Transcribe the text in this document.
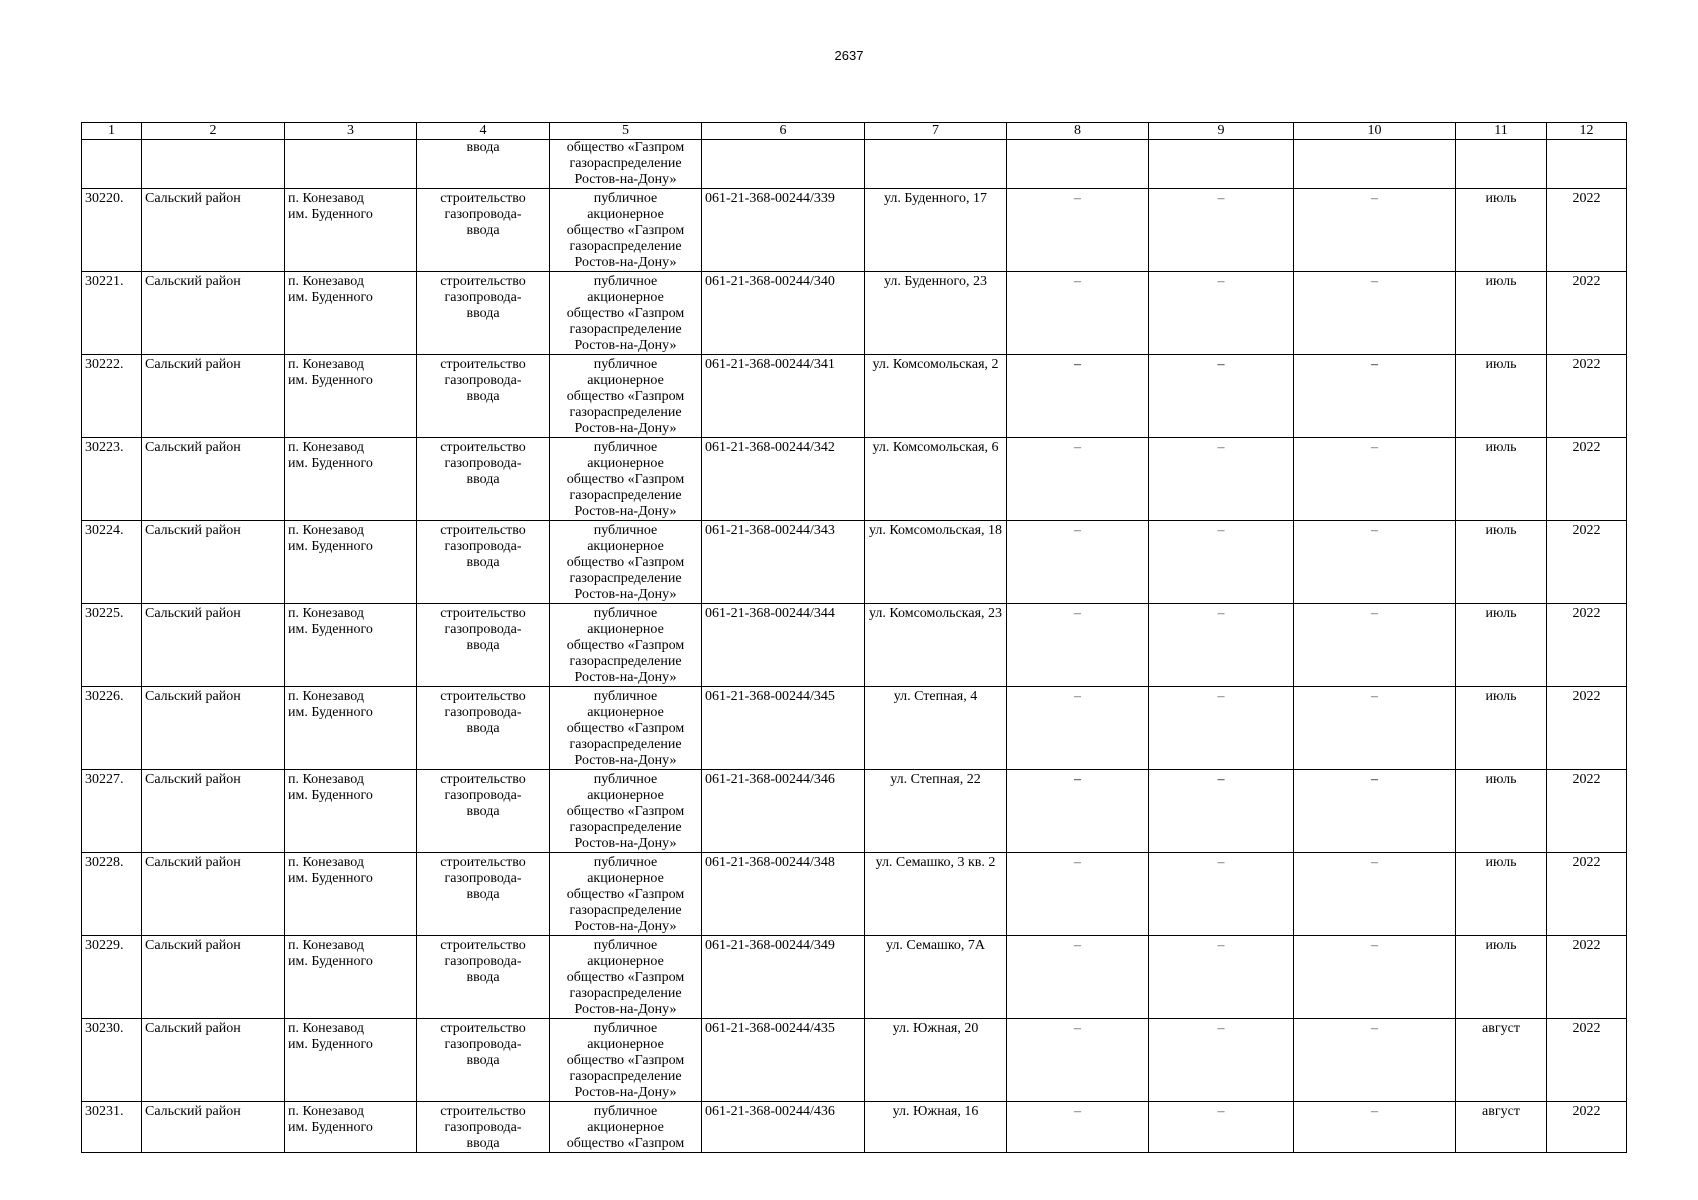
2637
1	2	3	4	5	6	7	8	9	10	11	12
			ввода	общество «Газпром
газораспределение
Ростов-на-Дону»							

30220.	Сальский район	п. Конезавод
им. Буденного	строительство
газопровода-
ввода	публичное
акционерное
общество «Газпром
газораспределение
Ростов-на-Дону»	061-21-368-00244/339	ул. Буденного, 17	–	–	–	июль	2022
30221.	Сальский район	п. Конезавод
им. Буденного	строительство
газопровода-
ввода	публичное
акционерное
общество «Газпром
газораспределение
Ростов-на-Дону»	061-21-368-00244/340	ул. Буденного, 23	–	–	–	июль	2022
30222.	Сальский район	п. Конезавод
им. Буденного	строительство
газопровода-
ввода	публичное
акционерное
общество «Газпром
газораспределение
Ростов-на-Дону»	061-21-368-00244/341	ул. Комсомольская, 2	–	–	–	июль	2022
30223.	Сальский район	п. Конезавод
им. Буденного	строительство
газопровода-
ввода	публичное
акционерное
общество «Газпром
газораспределение
Ростов-на-Дону»	061-21-368-00244/342	ул. Комсомольская, 6	–	–	–	июль	2022
30224.	Сальский район	п. Конезавод
им. Буденного	строительство
газопровода-
ввода	публичное
акционерное
общество «Газпром
газораспределение
Ростов-на-Дону»	061-21-368-00244/343	ул. Комсомольская, 18	–	–	–	июль	2022
30225.	Сальский район	п. Конезавод
им. Буденного	строительство
газопровода-
ввода	публичное
акционерное
общество «Газпром
газораспределение
Ростов-на-Дону»	061-21-368-00244/344	ул. Комсомольская, 23	–	–	–	июль	2022
30226.	Сальский район	п. Конезавод
им. Буденного	строительство
газопровода-
ввода	публичное
акционерное
общество «Газпром
газораспределение
Ростов-на-Дону»	061-21-368-00244/345	ул. Степная, 4	–	–	–	июль	2022
30227.	Сальский район	п. Конезавод
им. Буденного	строительство
газопровода-
ввода	публичное
акционерное
общество «Газпром
газораспределение
Ростов-на-Дону»	061-21-368-00244/346	ул. Степная, 22	–	–	–	июль	2022
30228.	Сальский район	п. Конезавод
им. Буденного	строительство
газопровода-
ввода	публичное
акционерное
общество «Газпром
газораспределение
Ростов-на-Дону»	061-21-368-00244/348	ул. Семашко, 3 кв. 2	–	–	–	июль	2022
30229.	Сальский район	п. Конезавод
им. Буденного	строительство
газопровода-
ввода	публичное
акционерное
общество «Газпром
газораспределение
Ростов-на-Дону»	061-21-368-00244/349	ул. Семашко, 7А	–	–	–	июль	2022
30230.	Сальский район	п. Конезавод
им. Буденного	строительство
газопровода-
ввода	публичное
акционерное
общество «Газпром
газораспределение
Ростов-на-Дону»	061-21-368-00244/435	ул. Южная, 20	–	–	–	август	2022
30231.	Сальский район	п. Конезавод
им. Буденного	строительство
газопровода-
ввода	публичное
акционерное
общество «Газпром	061-21-368-00244/436	ул. Южная, 16	–	–	–	август	2022
